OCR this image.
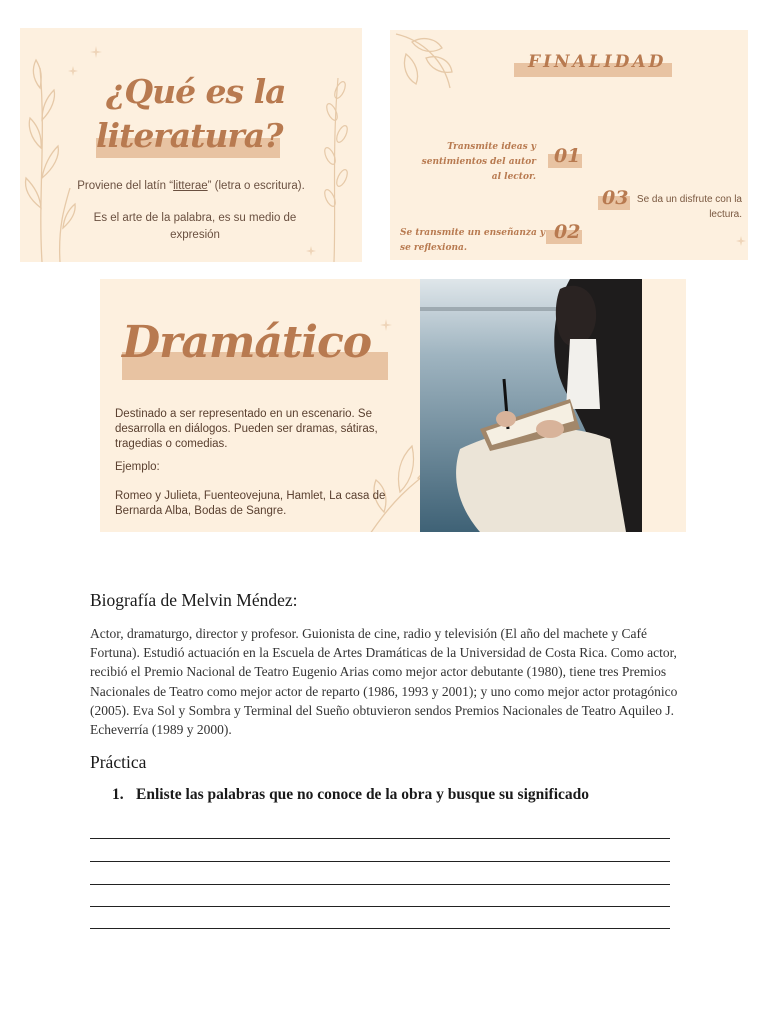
¿Qué es la
literatura?
Proviene del latín “litterae” (letra o escritura).
Es el arte de la palabra, es su medio de expresión
FINALIDAD
Transmite ideas y sentimientos del autor al lector.
01
03 Se da un disfrute con la lectura.
Se transmite un enseñanza y se reflexiona.
02
Dramático
Destinado a ser representado en un escenario. Se desarrolla en diálogos. Pueden ser dramas, sátiras, tragedias o comedias.
Ejemplo:
Romeo y Julieta, Fuenteovejuna, Hamlet, La casa de Bernarda Alba, Bodas de Sangre.
Biografía de Melvin Méndez:
Actor, dramaturgo, director y profesor. Guionista de cine, radio y televisión (El año del machete y Café Fortuna). Estudió actuación en la Escuela de Artes Dramáticas de la Universidad de Costa Rica. Como actor, recibió el Premio Nacional de Teatro Eugenio Arias como mejor actor debutante (1980), tiene tres Premios Nacionales de Teatro como mejor actor de reparto (1986, 1993 y 2001); y uno como mejor actor protagónico (2005). Eva Sol y Sombra y Terminal del Sueño obtuvieron sendos Premios Nacionales de Teatro Aquileo J. Echeverría (1989 y 2000).
Práctica
1. Enliste las palabras que no conoce de la obra y busque su significado
